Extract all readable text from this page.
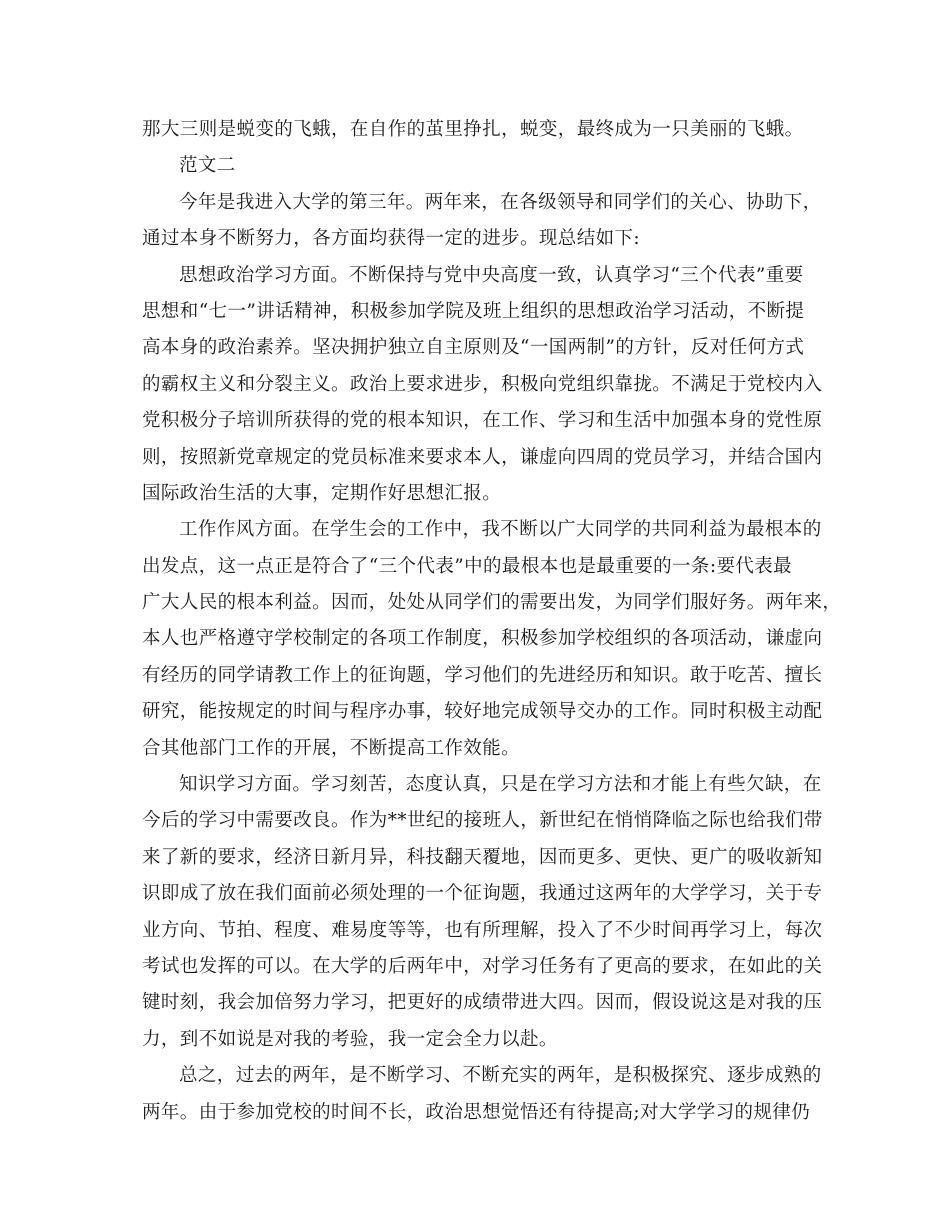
那大三则是蜕变的飞蛾，在自作的茧里挣扎，蜕变，最终成为一只美丽的飞蛾。
范文二
今年是我进入大学的第三年。两年来，在各级领导和同学们的关心、协助下，
通过本身不断努力，各方面均获得一定的进步。现总结如下:
思想政治学习方面。不断保持与党中央高度一致，认真学习“三个代表”重要
思想和“七一”讲话精神，积极参加学院及班上组织的思想政治学习活动，不断提
高本身的政治素养。坚决拥护独立自主原则及“一国两制”的方针，反对任何方式
的霸权主义和分裂主义。政治上要求进步，积极向党组织靠拢。不满足于党校内入
党积极分子培训所获得的党的根本知识，在工作、学习和生活中加强本身的党性原
则，按照新党章规定的党员标准来要求本人，谦虚向四周的党员学习，并结合国内
国际政治生活的大事，定期作好思想汇报。
工作作风方面。在学生会的工作中，我不断以广大同学的共同利益为最根本的
出发点，这一点正是符合了“三个代表”中的最根本也是最重要的一条:要代表最
广大人民的根本利益。因而，处处从同学们的需要出发，为同学们服好务。两年来，
本人也严格遵守学校制定的各项工作制度，积极参加学校组织的各项活动，谦虚向
有经历的同学请教工作上的征询题，学习他们的先进经历和知识。敢于吃苦、擅长
研究，能按规定的时间与程序办事，较好地完成领导交办的工作。同时积极主动配
合其他部门工作的开展，不断提高工作效能。
知识学习方面。学习刻苦，态度认真，只是在学习方法和才能上有些欠缺，在
今后的学习中需要改良。作为**世纪的接班人，新世纪在悄悄降临之际也给我们带
来了新的要求，经济日新月异，科技翻天覆地，因而更多、更快、更广的吸收新知
识即成了放在我们面前必须处理的一个征询题，我通过这两年的大学学习，关于专
业方向、节拍、程度、难易度等等，也有所理解，投入了不少时间再学习上，每次
考试也发挥的可以。在大学的后两年中，对学习任务有了更高的要求，在如此的关
键时刻，我会加倍努力学习，把更好的成绩带进大四。因而，假设说这是对我的压
力，到不如说是对我的考验，我一定会全力以赴。
总之，过去的两年，是不断学习、不断充实的两年，是积极探究、逐步成熟的
两年。由于参加党校的时间不长，政治思想觉悟还有待提高;对大学学习的规律仍
